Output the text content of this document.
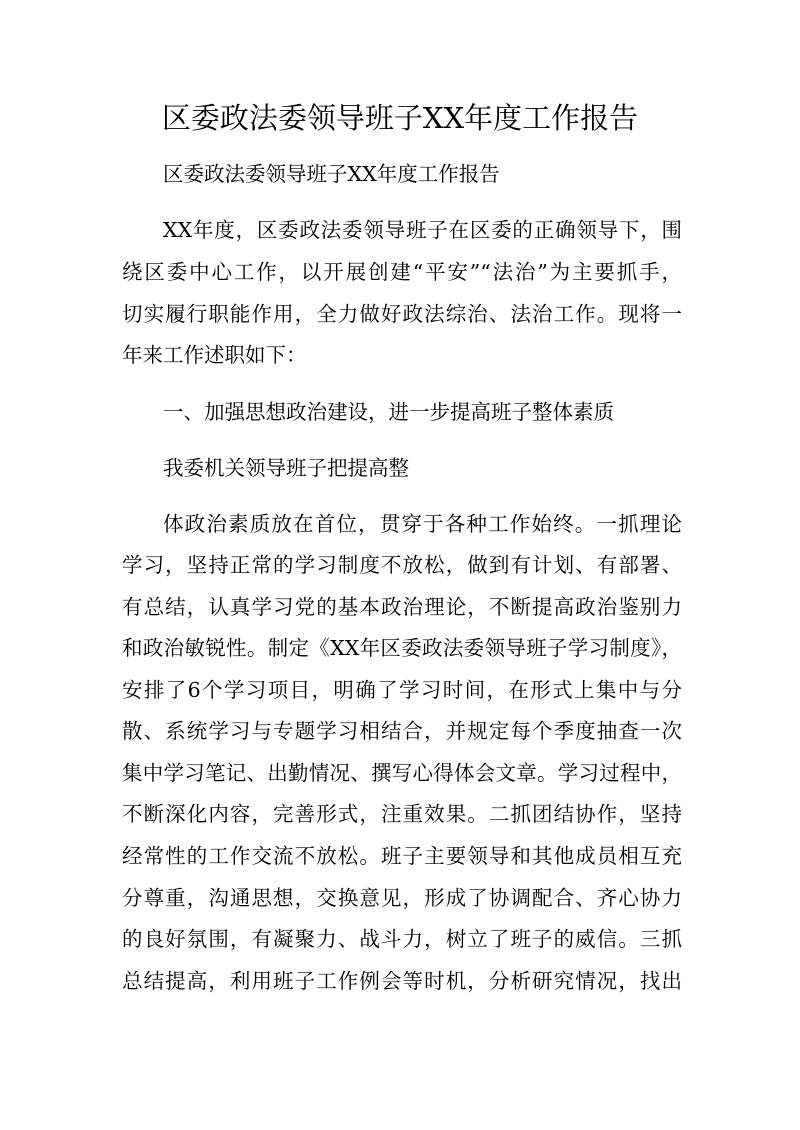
区委政法委领导班子XX年度工作报告
区委政法委领导班子XX年度工作报告
XX年度，区委政法委领导班子在区委的正确领导下，围
绕区委中心工作，以开展创建“平安”“法治”为主要抓手，
切实履行职能作用，全力做好政法综治、法治工作。现将一
年来工作述职如下：
一、加强思想政治建设，进一步提高班子整体素质
我委机关领导班子把提高整
体政治素质放在首位，贯穿于各种工作始终。一抓理论
学习，坚持正常的学习制度不放松，做到有计划、有部署、
有总结，认真学习党的基本政治理论，不断提高政治鉴别力
和政治敏锐性。制定《XX年区委政法委领导班子学习制度》，
安排了6个学习项目，明确了学习时间，在形式上集中与分
散、系统学习与专题学习相结合，并规定每个季度抽查一次
集中学习笔记、出勤情况、撰写心得体会文章。学习过程中，
不断深化内容，完善形式，注重效果。二抓团结协作，坚持
经常性的工作交流不放松。班子主要领导和其他成员相互充
分尊重，沟通思想，交换意见，形成了协调配合、齐心协力
的良好氛围，有凝聚力、战斗力，树立了班子的威信。三抓
总结提高，利用班子工作例会等时机，分析研究情况，找出
